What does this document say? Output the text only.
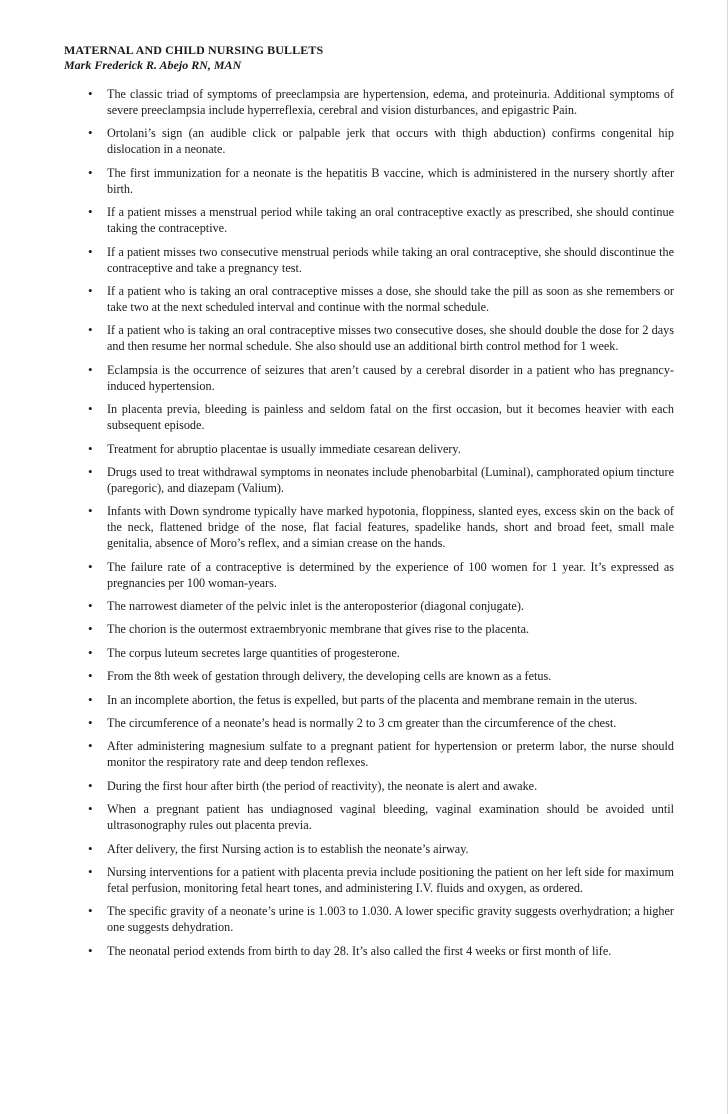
MATERNAL AND CHILD NURSING BULLETS
Mark Frederick R. Abejo RN, MAN
• The classic triad of symptoms of preeclampsia are hypertension, edema, and proteinuria. Additional symptoms of severe preeclampsia include hyperreflexia, cerebral and vision disturbances, and epigastric Pain.
• Ortolani’s sign (an audible click or palpable jerk that occurs with thigh abduction) confirms congenital hip dislocation in a neonate.
• The first immunization for a neonate is the hepatitis B vaccine, which is administered in the nursery shortly after birth.
• If a patient misses a menstrual period while taking an oral contraceptive exactly as prescribed, she should continue taking the contraceptive.
• If a patient misses two consecutive menstrual periods while taking an oral contraceptive, she should discontinue the contraceptive and take a pregnancy test.
• If a patient who is taking an oral contraceptive misses a dose, she should take the pill as soon as she remembers or take two at the next scheduled interval and continue with the normal schedule.
• If a patient who is taking an oral contraceptive misses two consecutive doses, she should double the dose for 2 days and then resume her normal schedule. She also should use an additional birth control method for 1 week.
• Eclampsia is the occurrence of seizures that aren’t caused by a cerebral disorder in a patient who has pregnancy-induced hypertension.
• In placenta previa, bleeding is painless and seldom fatal on the first occasion, but it becomes heavier with each subsequent episode.
• Treatment for abruptio placentae is usually immediate cesarean delivery.
• Drugs used to treat withdrawal symptoms in neonates include phenobarbital (Luminal), camphorated opium tincture (paregoric), and diazepam (Valium).
• Infants with Down syndrome typically have marked hypotonia, floppiness, slanted eyes, excess skin on the back of the neck, flattened bridge of the nose, flat facial features, spadelike hands, short and broad feet, small male genitalia, absence of Moro’s reflex, and a simian crease on the hands.
• The failure rate of a contraceptive is determined by the experience of 100 women for 1 year. It’s expressed as pregnancies per 100 woman-years.
• The narrowest diameter of the pelvic inlet is the anteroposterior (diagonal conjugate).
• The chorion is the outermost extraembryonic membrane that gives rise to the placenta.
• The corpus luteum secretes large quantities of progesterone.
• From the 8th week of gestation through delivery, the developing cells are known as a fetus.
• In an incomplete abortion, the fetus is expelled, but parts of the placenta and membrane remain in the uterus.
• The circumference of a neonate’s head is normally 2 to 3 cm greater than the circumference of the chest.
• After administering magnesium sulfate to a pregnant patient for hypertension or preterm labor, the nurse should monitor the respiratory rate and deep tendon reflexes.
• During the first hour after birth (the period of reactivity), the neonate is alert and awake.
• When a pregnant patient has undiagnosed vaginal bleeding, vaginal examination should be avoided until ultrasonography rules out placenta previa.
• After delivery, the first Nursing action is to establish the neonate’s airway.
• Nursing interventions for a patient with placenta previa include positioning the patient on her left side for maximum fetal perfusion, monitoring fetal heart tones, and administering I.V. fluids and oxygen, as ordered.
• The specific gravity of a neonate’s urine is 1.003 to 1.030. A lower specific gravity suggests overhydration; a higher one suggests dehydration.
• The neonatal period extends from birth to day 28. It’s also called the first 4 weeks or first month of life.
